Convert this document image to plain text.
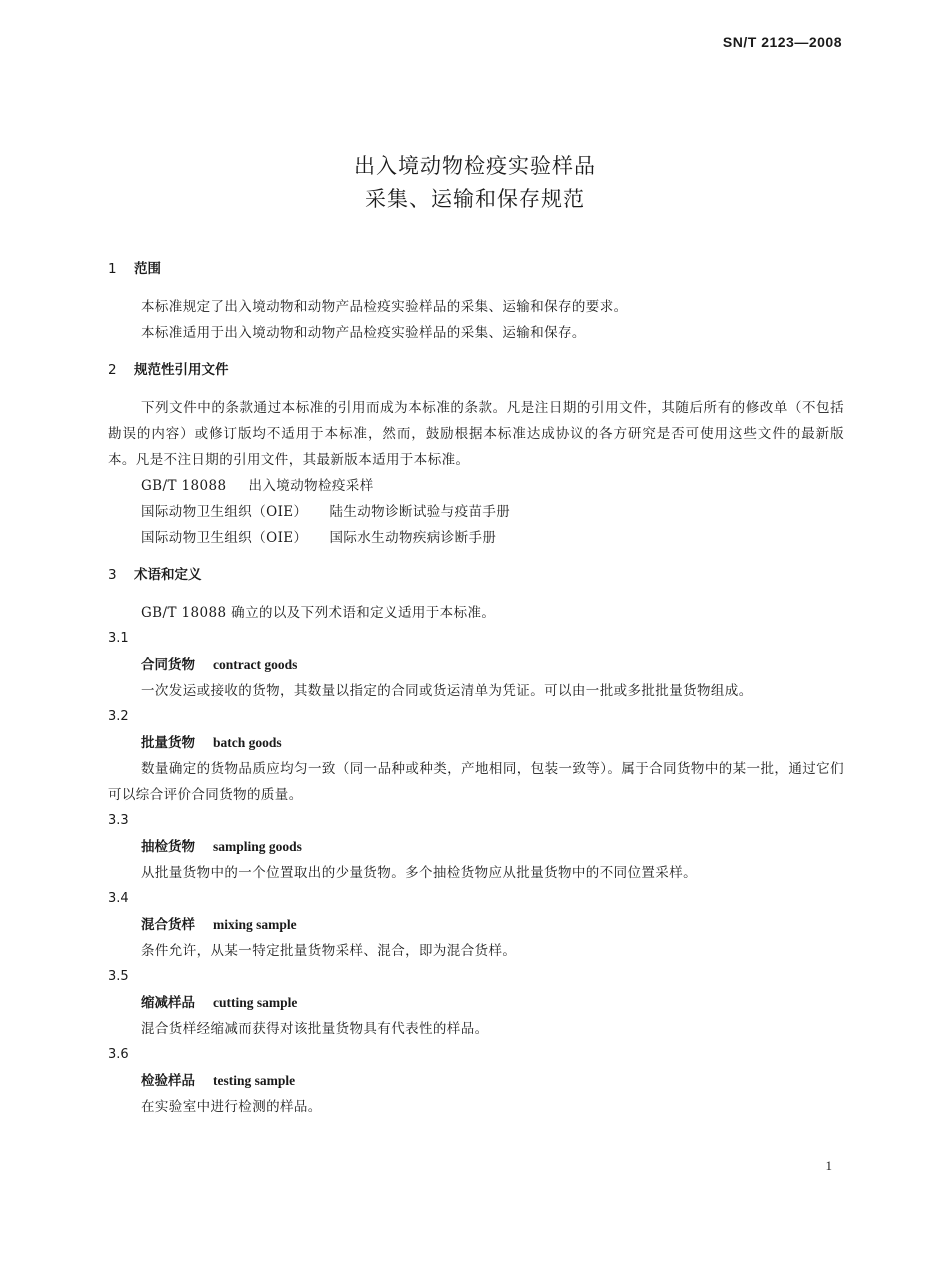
SN/T 2123—2008
出入境动物检疫实验样品
采集、运输和保存规范
1 范围
本标准规定了出入境动物和动物产品检疫实验样品的采集、运输和保存的要求。
本标准适用于出入境动物和动物产品检疫实验样品的采集、运输和保存。
2 规范性引用文件
下列文件中的条款通过本标准的引用而成为本标准的条款。凡是注日期的引用文件，其随后所有的修改单（不包括勘误的内容）或修订版均不适用于本标准，然而，鼓励根据本标准达成协议的各方研究是否可使用这些文件的最新版本。凡是不注日期的引用文件，其最新版本适用于本标准。
GB/T 18088 出入境动物检疫采样
国际动物卫生组织（OIE） 陆生动物诊断试验与疫苗手册
国际动物卫生组织（OIE） 国际水生动物疾病诊断手册
3 术语和定义
GB/T 18088 确立的以及下列术语和定义适用于本标准。
3.1
合同货物 contract goods
一次发运或接收的货物，其数量以指定的合同或货运清单为凭证。可以由一批或多批批量货物组成。
3.2
批量货物 batch goods
数量确定的货物品质应均匀一致（同一品种或种类，产地相同，包装一致等）。属于合同货物中的某一批，通过它们可以综合评价合同货物的质量。
3.3
抽检货物 sampling goods
从批量货物中的一个位置取出的少量货物。多个抽检货物应从批量货物中的不同位置采样。
3.4
混合货样 mixing sample
条件允许，从某一特定批量货物采样、混合，即为混合货样。
3.5
缩减样品 cutting sample
混合货样经缩减而获得对该批量货物具有代表性的样品。
3.6
检验样品 testing sample
在实验室中进行检测的样品。
1
